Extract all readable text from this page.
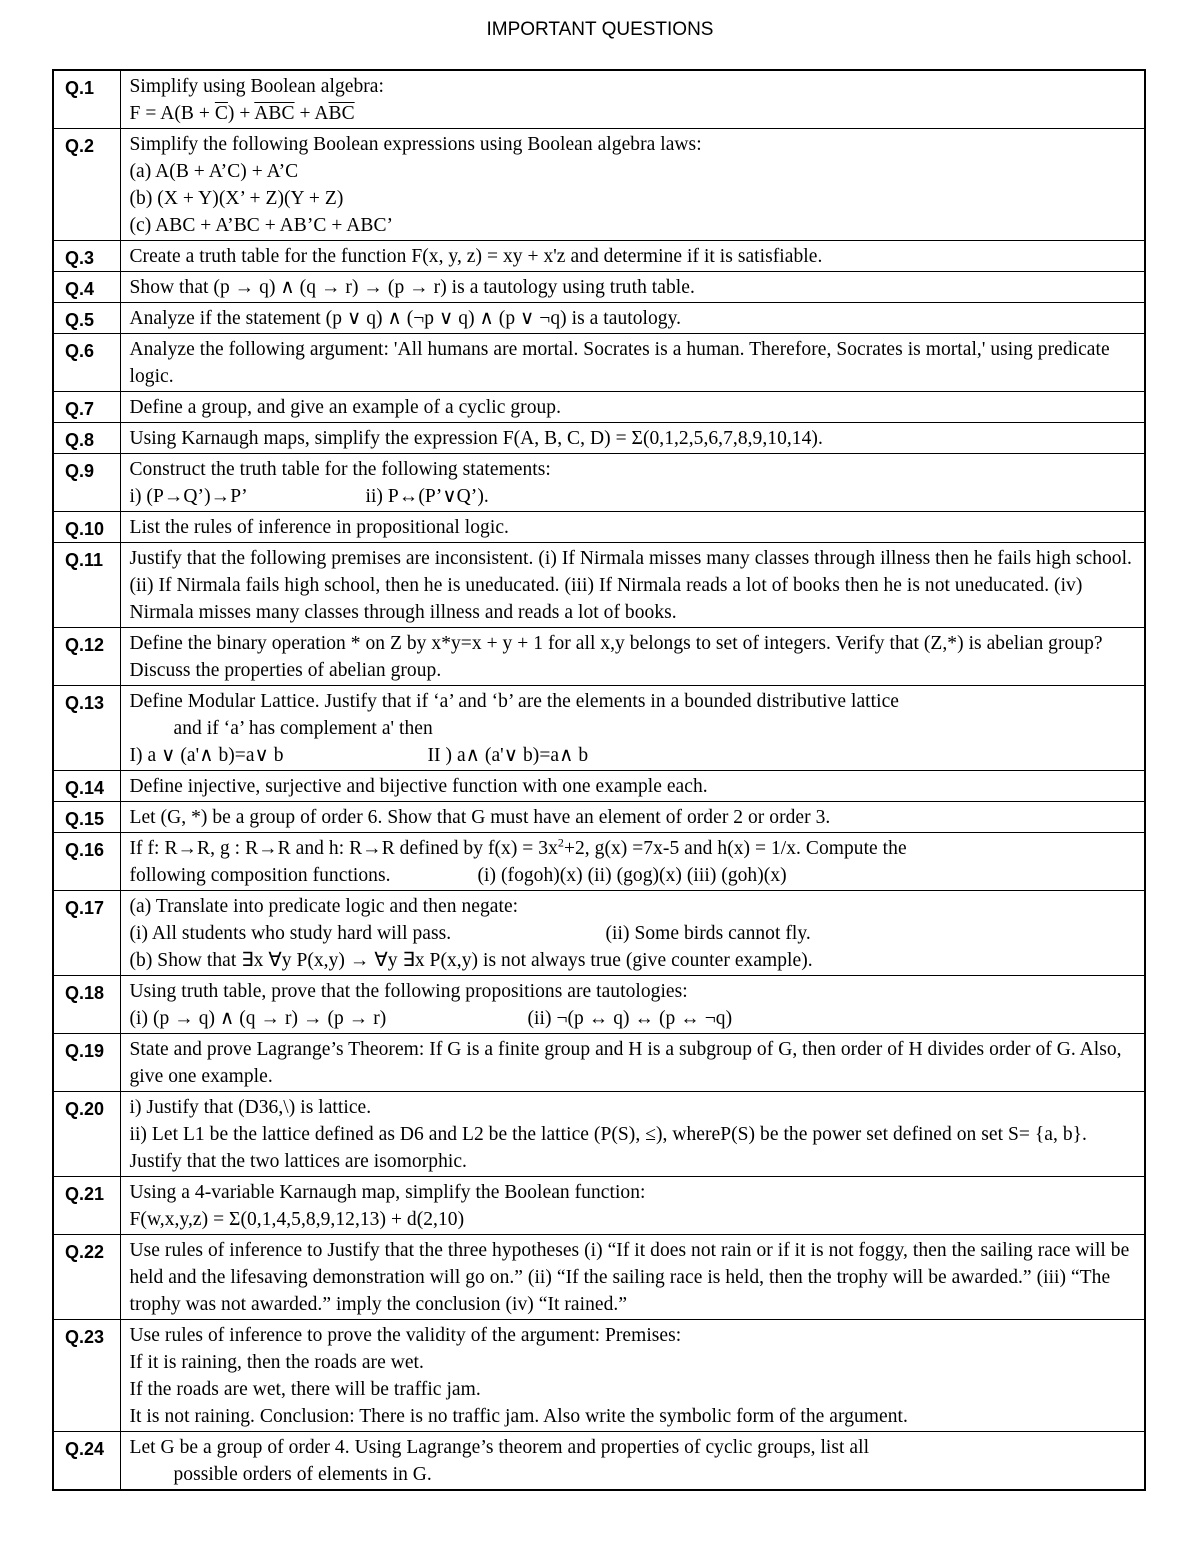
IMPORTANT QUESTIONS
Q.1	Simplify using Boolean algebra:
$F = A(B + \overline{C}) + \overline{ABC} + A\overline{BC}$

Q.2	Simplify the following Boolean expressions using Boolean algebra laws:
(a) A(B + A’C) + A’C
(b) (X + Y)(X’ + Z)(Y + Z)
(c) ABC + A’BC + AB’C + ABC’

Q.3	Create a truth table for the function F(x, y, z) = xy + x'z and determine if it is satisfiable.

Q.4	Show that (p → q) ∧ (q → r) → (p → r) is a tautology using truth table.

Q.5	Analyze if the statement (p ∨ q) ∧ (¬p ∨ q) ∧ (p ∨ ¬q) is a tautology.

Q.6	Analyze the following argument: 'All humans are mortal. Socrates is a human. Therefore, Socrates is mortal,' using predicate logic.

Q.7	Define a group, and give an example of a cyclic group.

Q.8	Using Karnaugh maps, simplify the expression F(A, B, C, D) = Σ(0,1,2,5,6,7,8,9,10,14).

Q.9	Construct the truth table for the following statements:
i) (P→Q’)→P’ ii) P↔(P’∨Q’).

Q.10	List the rules of inference in propositional logic.

Q.11	Justify that the following premises are inconsistent. (i) If Nirmala misses many classes through illness then he fails high school. (ii) If Nirmala fails high school, then he is uneducated. (iii) If Nirmala reads a lot of books then he is not uneducated. (iv) Nirmala misses many classes through illness and reads a lot of books.

Q.12	Define the binary operation * on Z by x*y=x + y + 1 for all x,y belongs to set of integers. Verify that (Z,*) is abelian group? Discuss the properties of abelian group.

Q.13	Define Modular Lattice. Justify that if ‘a’ and ‘b’ are the elements in a bounded distributive lattice
and if ‘a’ has complement a' then
I) a ∨ (a'∧ b)=a∨ b II ) a∧ (a'∨ b)=a∧ b

Q.14	Define injective, surjective and bijective function with one example each.

Q.15	Let (G, *) be a group of order 6. Show that G must have an element of order 2 or order 3.

Q.16	If f: R→R, g : R→R and h: R→R defined by $f(x) = 3x^2+2$, g(x) =7x-5 and h(x) = 1/x. Compute the
following composition functions. (i) (fogoh)(x) (ii) (gog)(x) (iii) (goh)(x)

Q.17	(a) Translate into predicate logic and then negate:
(i) All students who study hard will pass. (ii) Some birds cannot fly.
(b) Show that ∃x ∀y P(x,y) → ∀y ∃x P(x,y) is not always true (give counter example).

Q.18	Using truth table, prove that the following propositions are tautologies:
(i) (p → q) ∧ (q → r) → (p → r) (ii) ¬(p ↔ q) ↔ (p ↔ ¬q)

Q.19	State and prove Lagrange’s Theorem: If G is a finite group and H is a subgroup of G, then order of H divides order of G. Also, give one example.

Q.20	i) Justify that (D36,\) is lattice.
ii) Let L1 be the lattice defined as D6 and L2 be the lattice (P(S), ≤), whereP(S) be the power set defined on set S= {a, b}. Justify that the two lattices are isomorphic.

Q.21	Using a 4-variable Karnaugh map, simplify the Boolean function:
F(w,x,y,z) = Σ(0,1,4,5,8,9,12,13) + d(2,10)

Q.22	Use rules of inference to Justify that the three hypotheses (i) “If it does not rain or if it is not foggy, then the sailing race will be held and the lifesaving demonstration will go on.” (ii) “If the sailing race is held, then the trophy will be awarded.” (iii) “The trophy was not awarded.” imply the conclusion (iv) “It rained.”

Q.23	Use rules of inference to prove the validity of the argument: Premises:
If it is raining, then the roads are wet.
If the roads are wet, there will be traffic jam.
It is not raining. Conclusion: There is no traffic jam. Also write the symbolic form of the argument.

Q.24	Let G be a group of order 4. Using Lagrange’s theorem and properties of cyclic groups, list all
possible orders of elements in G.
